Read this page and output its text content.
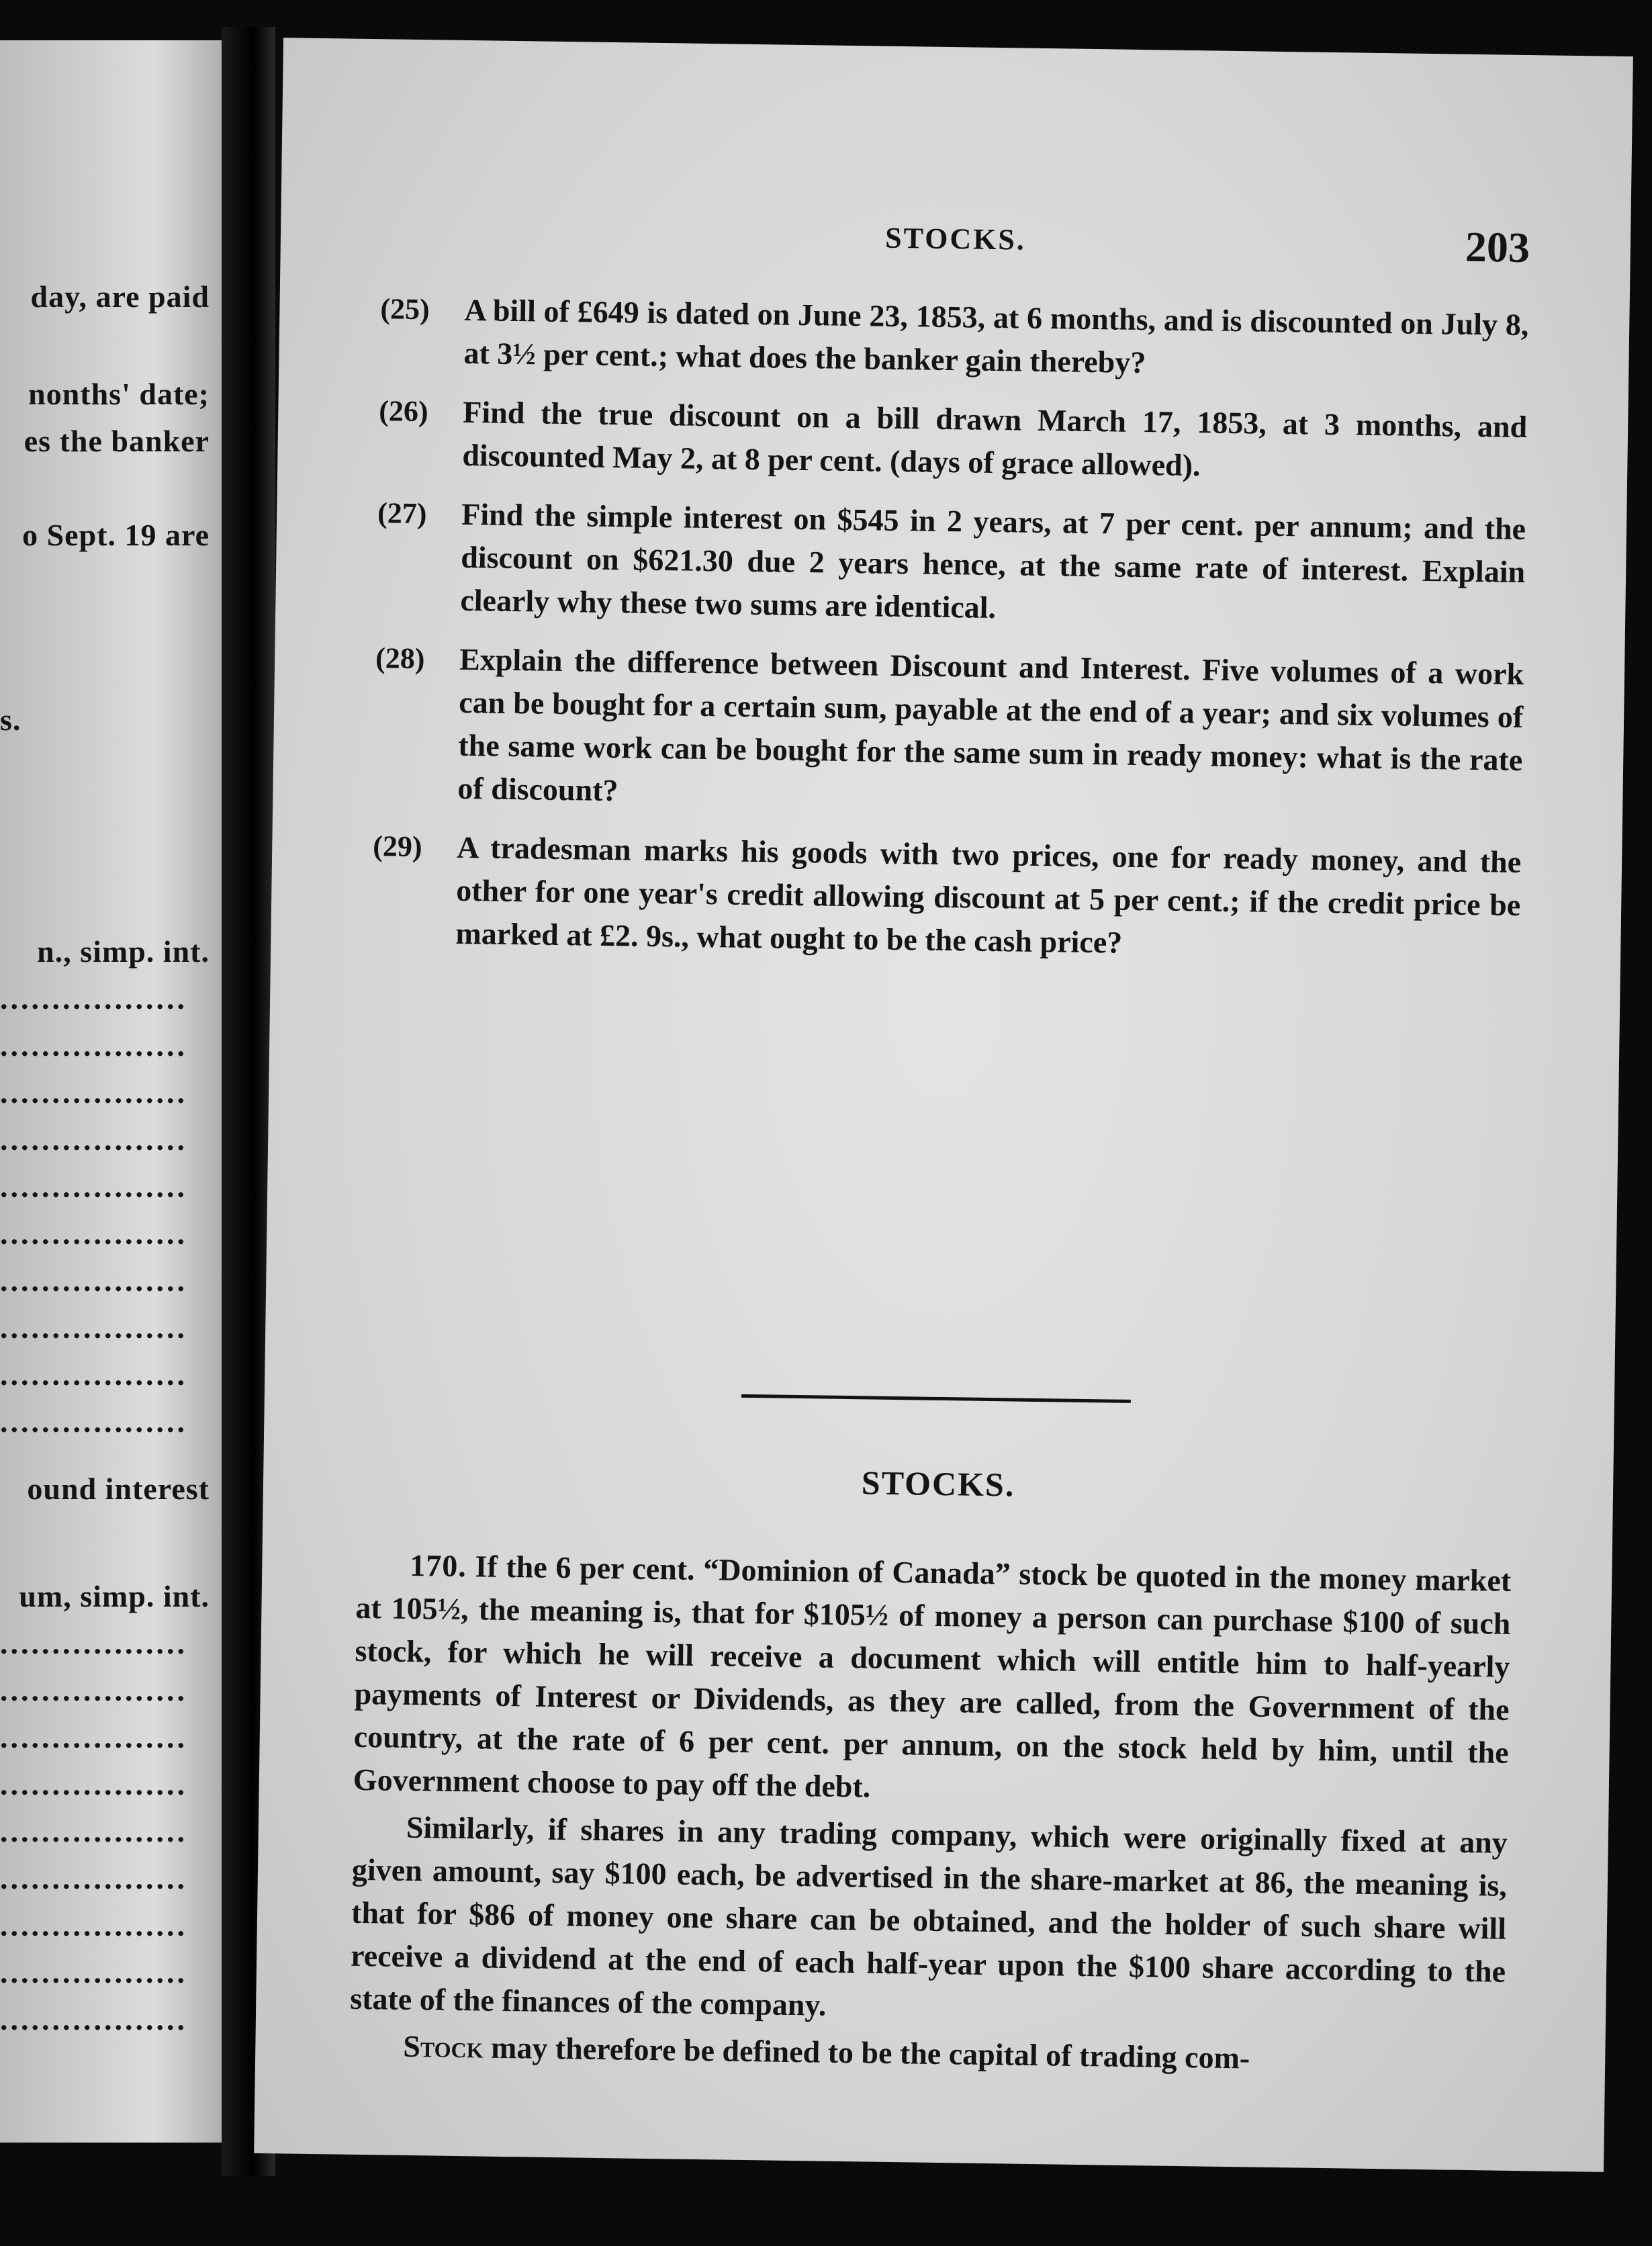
day, are paid
nonths' date;
es the banker
o Sept. 19 are
s.
n., simp. int.
ound interest
um, simp. int.
..................
..................
..................
..................
..................
..................
..................
..................
..................
..................
..................
..................
..................
..................
..................
..................
..................
..................
..................
STOCKS.	203
(25)	A bill of £649 is dated on June 23, 1853, at 6 months, and is discounted on July 8, at 3½ per cent.; what does the banker gain thereby?
(26)	Find the true discount on a bill drawn March 17, 1853, at 3 months, and discounted May 2, at 8 per cent. (days of grace allowed).
(27)	Find the simple interest on $545 in 2 years, at 7 per cent. per annum; and the discount on $621.30 due 2 years hence, at the same rate of interest. Explain clearly why these two sums are identical.
(28)	Explain the difference between Discount and Interest. Five volumes of a work can be bought for a certain sum, payable at the end of a year; and six volumes of the same work can be bought for the same sum in ready money: what is the rate of discount?
(29)	A tradesman marks his goods with two prices, one for ready money, and the other for one year's credit allowing discount at 5 per cent.; if the credit price be marked at £2. 9s., what ought to be the cash price?
STOCKS.

170. If the 6 per cent. “Dominion of Canada” stock be quoted in the money market at 105½, the meaning is, that for $105½ of money a person can purchase $100 of such stock, for which he will receive a document which will entitle him to half-yearly payments of Interest or Dividends, as they are called, from the Government of the country, at the rate of 6 per cent. per annum, on the stock held by him, until the Government choose to pay off the debt.

Similarly, if shares in any trading company, which were originally fixed at any given amount, say $100 each, be advertised in the share-market at 86, the meaning is, that for $86 of money one share can be obtained, and the holder of such share will receive a dividend at the end of each half-year upon the $100 share according to the state of the finances of the company.

Stock may therefore be defined to be the capital of trading com-
